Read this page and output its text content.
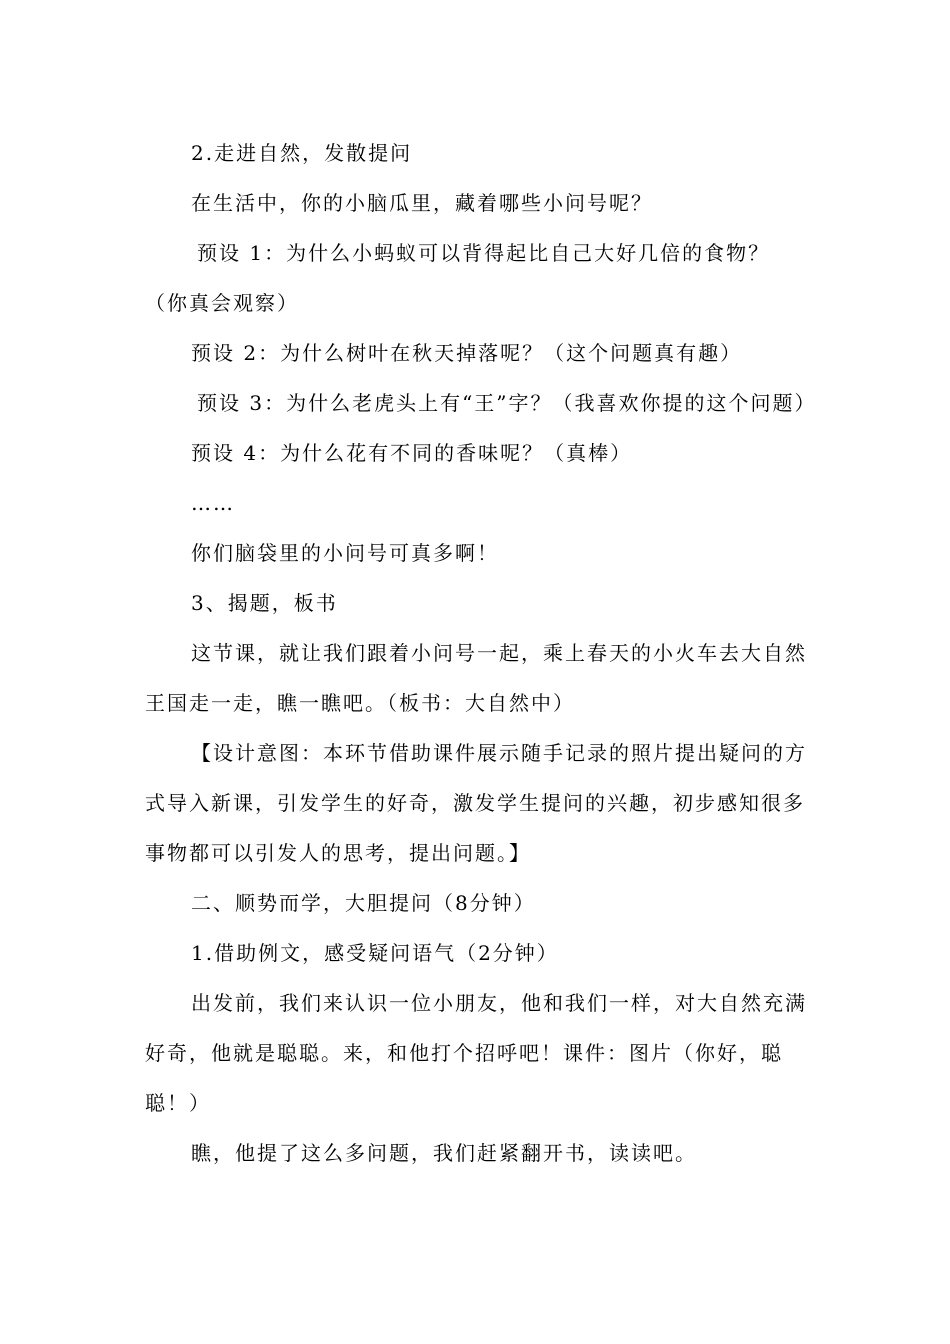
2.走进自然，发散提问

在生活中，你的小脑瓜里，藏着哪些小问号呢？

预设 1：为什么小蚂蚁可以背得起比自己大好几倍的食物？（你真会观察）

预设 2：为什么树叶在秋天掉落呢？（这个问题真有趣）

预设 3：为什么老虎头上有“王”字？（我喜欢你提的这个问题）

预设 4：为什么花有不同的香味呢？（真棒）

……

你们脑袋里的小问号可真多啊！

3、揭题，板书

这节课，就让我们跟着小问号一起，乘上春天的小火车去大自然王国走一走，瞧一瞧吧。（板书：大自然中）

【设计意图：本环节借助课件展示随手记录的照片提出疑问的方式导入新课，引发学生的好奇，激发学生提问的兴趣，初步感知很多事物都可以引发人的思考，提出问题。】

二、顺势而学，大胆提问（8分钟）

1.借助例文，感受疑问语气（2分钟）

出发前，我们来认识一位小朋友，他和我们一样，对大自然充满好奇，他就是聪聪。来，和他打个招呼吧！课件：图片（你好，聪聪！）

瞧，他提了这么多问题，我们赶紧翻开书，读读吧。
